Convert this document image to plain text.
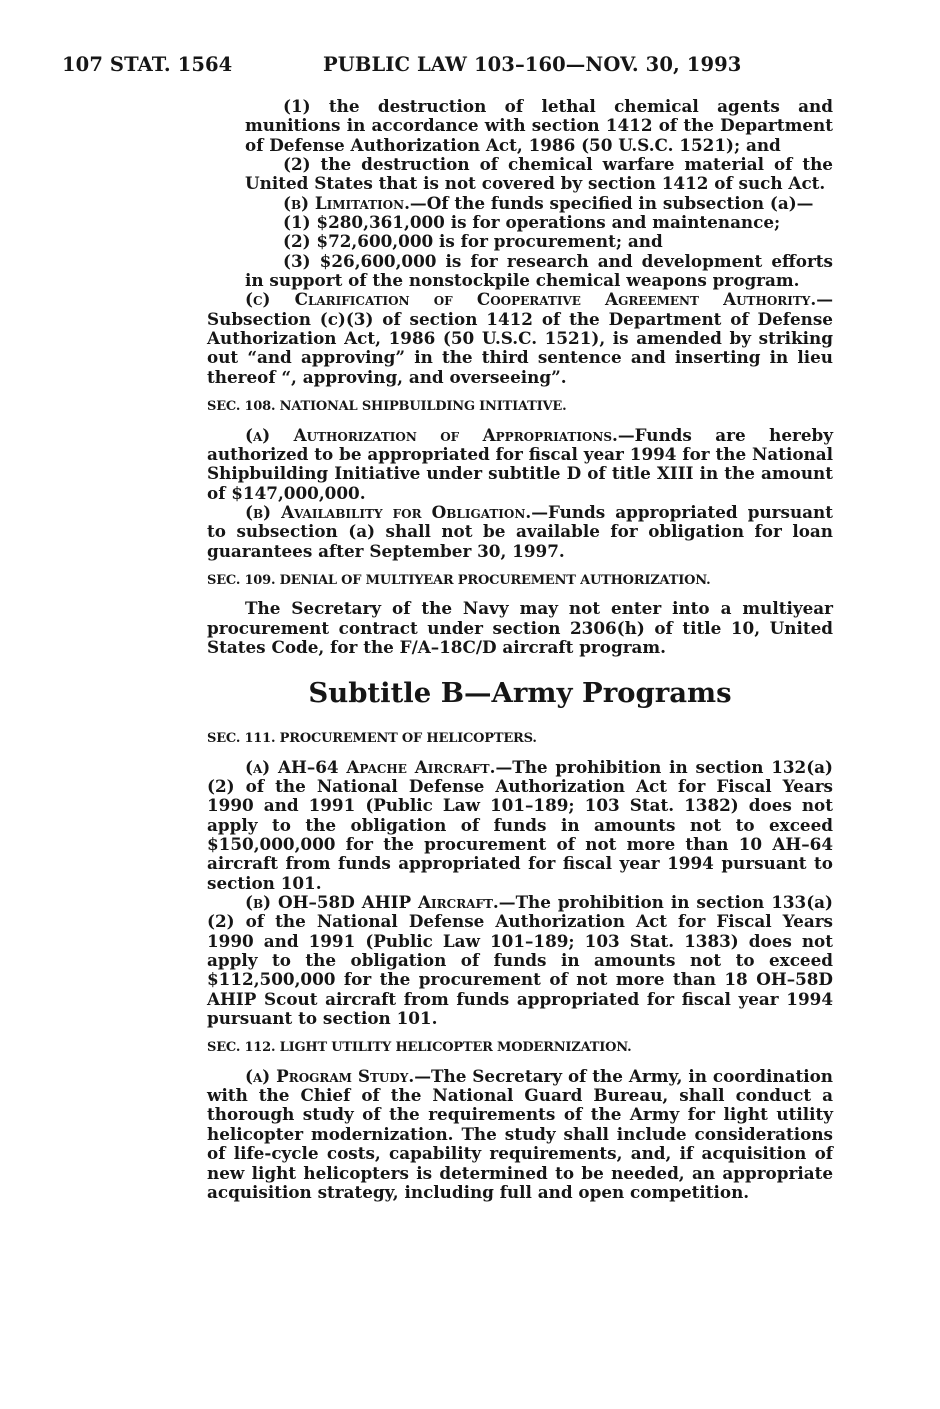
107 STAT. 1564	PUBLIC LAW 103–160—NOV. 30, 1993

(1) the destruction of lethal chemical agents and munitions in accordance with section 1412 of the Department of Defense Authorization Act, 1986 (50 U.S.C. 1521); and

(2) the destruction of chemical warfare material of the United States that is not covered by section 1412 of such Act.

(b) Limitation.—Of the funds specified in subsection (a)—

(1) $280,361,000 is for operations and maintenance;

(2) $72,600,000 is for procurement; and

(3) $26,600,000 is for research and development efforts in support of the nonstockpile chemical weapons program.

(c) Clarification of Cooperative Agreement Authority.— Subsection (c)(3) of section 1412 of the Department of Defense Authorization Act, 1986 (50 U.S.C. 1521), is amended by striking out “and approving” in the third sentence and inserting in lieu thereof “, approving, and overseeing”.

SEC. 108. NATIONAL SHIPBUILDING INITIATIVE.

(a) Authorization of Appropriations.—Funds are hereby authorized to be appropriated for fiscal year 1994 for the National Shipbuilding Initiative under subtitle D of title XIII in the amount of $147,000,000.

(b) Availability for Obligation.—Funds appropriated pursuant to subsection (a) shall not be available for obligation for loan guarantees after September 30, 1997.

SEC. 109. DENIAL OF MULTIYEAR PROCUREMENT AUTHORIZATION.

The Secretary of the Navy may not enter into a multiyear procurement contract under section 2306(h) of title 10, United States Code, for the F/A–18C/D aircraft program.

Subtitle B—Army Programs

SEC. 111. PROCUREMENT OF HELICOPTERS.

(a) AH–64 Apache Aircraft.—The prohibition in section 132(a)(2) of the National Defense Authorization Act for Fiscal Years 1990 and 1991 (Public Law 101–189; 103 Stat. 1382) does not apply to the obligation of funds in amounts not to exceed $150,000,000 for the procurement of not more than 10 AH–64 aircraft from funds appropriated for fiscal year 1994 pursuant to section 101.

(b) OH–58D AHIP Aircraft.—The prohibition in section 133(a)(2) of the National Defense Authorization Act for Fiscal Years 1990 and 1991 (Public Law 101–189; 103 Stat. 1383) does not apply to the obligation of funds in amounts not to exceed $112,500,000 for the procurement of not more than 18 OH–58D AHIP Scout aircraft from funds appropriated for fiscal year 1994 pursuant to section 101.

SEC. 112. LIGHT UTILITY HELICOPTER MODERNIZATION.

(a) Program Study.—The Secretary of the Army, in coordination with the Chief of the National Guard Bureau, shall conduct a thorough study of the requirements of the Army for light utility helicopter modernization. The study shall include considerations of life-cycle costs, capability requirements, and, if acquisition of new light helicopters is determined to be needed, an appropriate acquisition strategy, including full and open competition.
